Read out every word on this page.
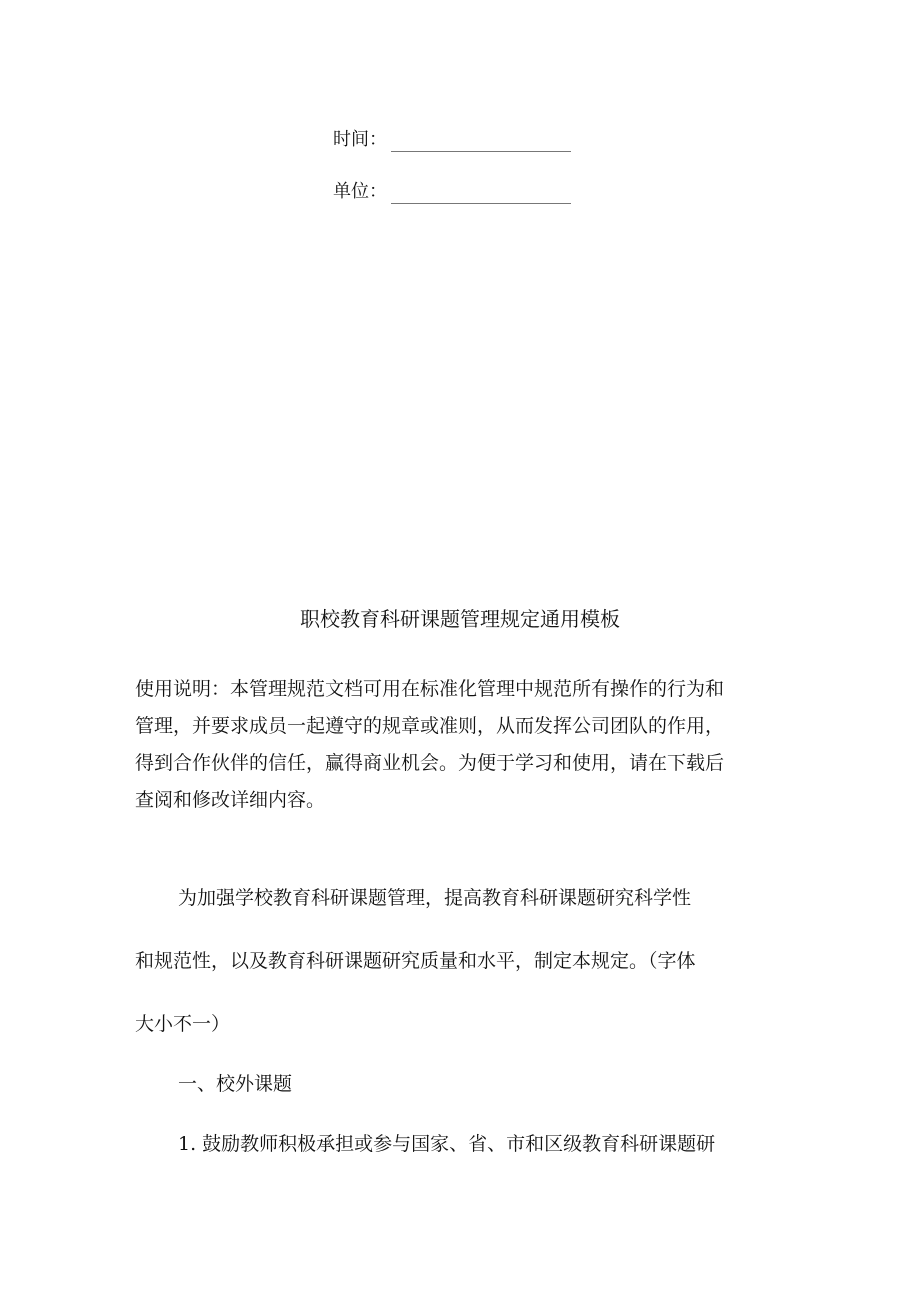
时间：
单位：
职校教育科研课题管理规定通用模板
使用说明：本管理规范文档可用在标准化管理中规范所有操作的行为和
管理，并要求成员一起遵守的规章或准则，从而发挥公司团队的作用，
得到合作伙伴的信任，赢得商业机会。为便于学习和使用，请在下载后
查阅和修改详细内容。

为加强学校教育科研课题管理，提高教育科研课题研究科学性

和规范性，以及教育科研课题研究质量和水平，制定本规定。（字体

大小不一）

一、校外课题

1. 鼓励教师积极承担或参与国家、省、市和区级教育科研课题研
